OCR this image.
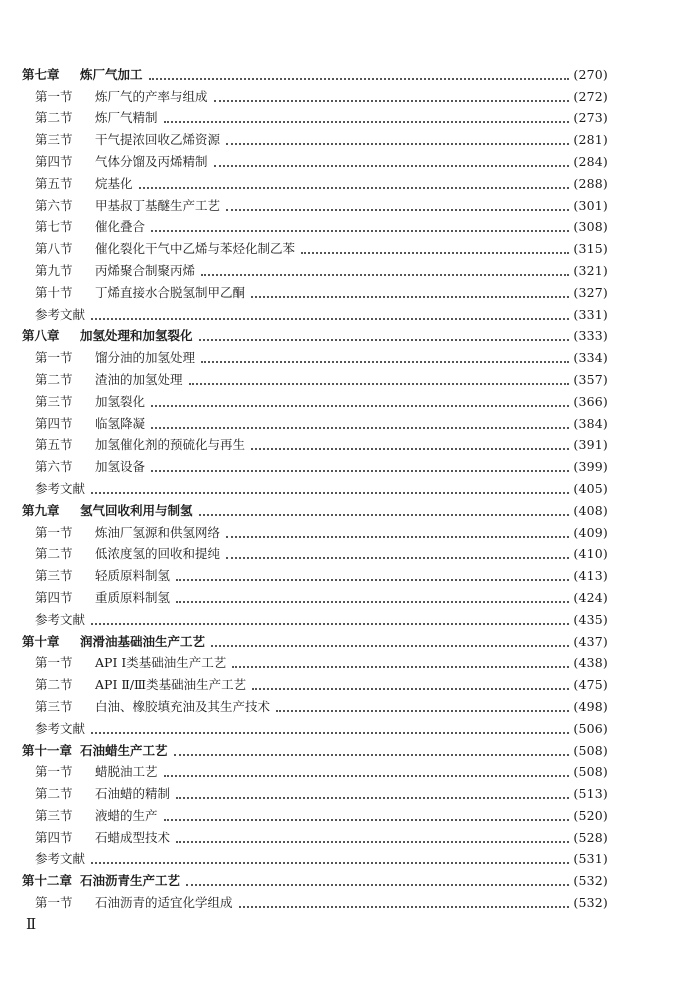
第七章	炼厂气加工	(270)
第一节	炼厂气的产率与组成	(272)
第二节	炼厂气精制	(273)
第三节	干气提浓回收乙烯资源	(281)
第四节	气体分馏及丙烯精制	(284)
第五节	烷基化	(288)
第六节	甲基叔丁基醚生产工艺	(301)
第七节	催化叠合	(308)
第八节	催化裂化干气中乙烯与苯烃化制乙苯	(315)
第九节	丙烯聚合制聚丙烯	(321)
第十节	丁烯直接水合脱氢制甲乙酮	(327)
参考文献	(331)
第八章	加氢处理和加氢裂化	(333)
第一节	馏分油的加氢处理	(334)
第二节	渣油的加氢处理	(357)
第三节	加氢裂化	(366)
第四节	临氢降凝	(384)
第五节	加氢催化剂的预硫化与再生	(391)
第六节	加氢设备	(399)
参考文献	(405)
第九章	氢气回收利用与制氢	(408)
第一节	炼油厂氢源和供氢网络	(409)
第二节	低浓度氢的回收和提纯	(410)
第三节	轻质原料制氢	(413)
第四节	重质原料制氢	(424)
参考文献	(435)
第十章	润滑油基础油生产工艺	(437)
第一节	API Ⅰ类基础油生产工艺	(438)
第二节	API Ⅱ/Ⅲ类基础油生产工艺	(475)
第三节	白油、橡胶填充油及其生产技术	(498)
参考文献	(506)
第十一章 石油蜡生产工艺	(508)
第一节	蜡脱油工艺	(508)
第二节	石油蜡的精制	(513)
第三节	液蜡的生产	(520)
第四节	石蜡成型技术	(528)
参考文献	(531)
第十二章 石油沥青生产工艺	(532)
第一节	石油沥青的适宜化学组成	(532)
Ⅱ
